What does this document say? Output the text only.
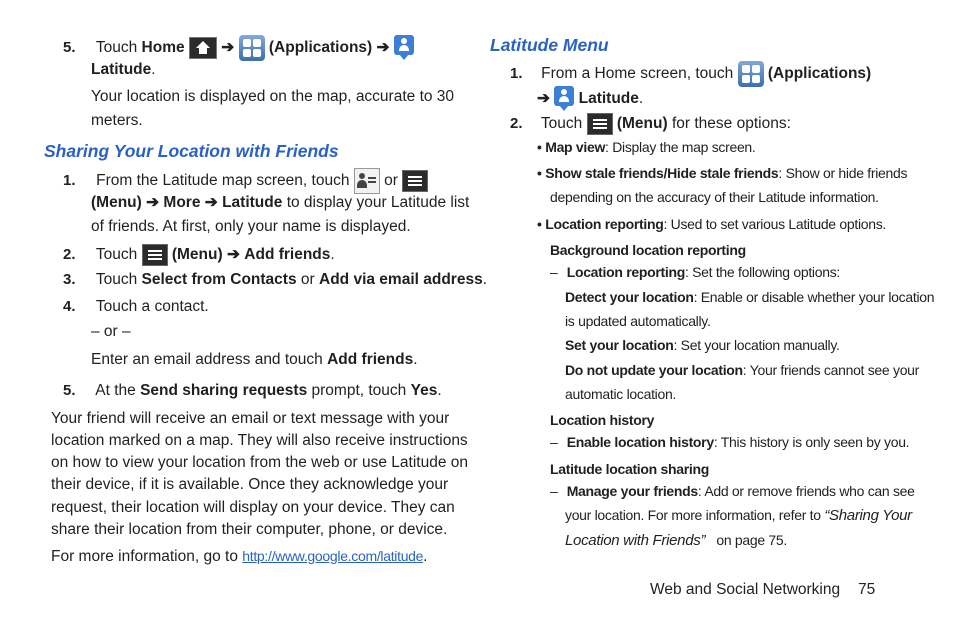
5. Touch Home ➔ (Applications) ➔
Latitude.
Your location is displayed on the map, accurate to 30
meters.
Sharing Your Location with Friends
1. From the Latitude map screen, touch or
(Menu) ➔ More ➔ Latitude to display your Latitude list
of friends. At first, only your name is displayed.
2. Touch (Menu) ➔ Add friends.
3. Touch Select from Contacts or Add via email address.
4. Touch a contact.
– or –
Enter an email address and touch Add friends.
5. At the Send sharing requests prompt, touch Yes.
Your friend will receive an email or text message with your
location marked on a map. They will also receive instructions
on how to view your location from the web or use Latitude on
their device, if it is available. Once they acknowledge your
request, their location will display on your device. They can
share their location from their computer, phone, or device.
For more information, go to http://www.google.com/latitude.
Latitude Menu
1. From a Home screen, touch (Applications)
➔ Latitude.
2. Touch (Menu) for these options:
• Map view: Display the map screen.
• Show stale friends/Hide stale friends: Show or hide friends
depending on the accuracy of their Latitude information.
• Location reporting: Used to set various Latitude options.
Background location reporting
– Location reporting: Set the following options:
Detect your location: Enable or disable whether your location
is updated automatically.
Set your location: Set your location manually.
Do not update your location: Your friends cannot see your
automatic location.
Location history
– Enable location history: This history is only seen by you.
Latitude location sharing
– Manage your friends: Add or remove friends who can see
your location. For more information, refer to “Sharing Your
Location with Friends” on page 75.
Web and Social Networking 75
